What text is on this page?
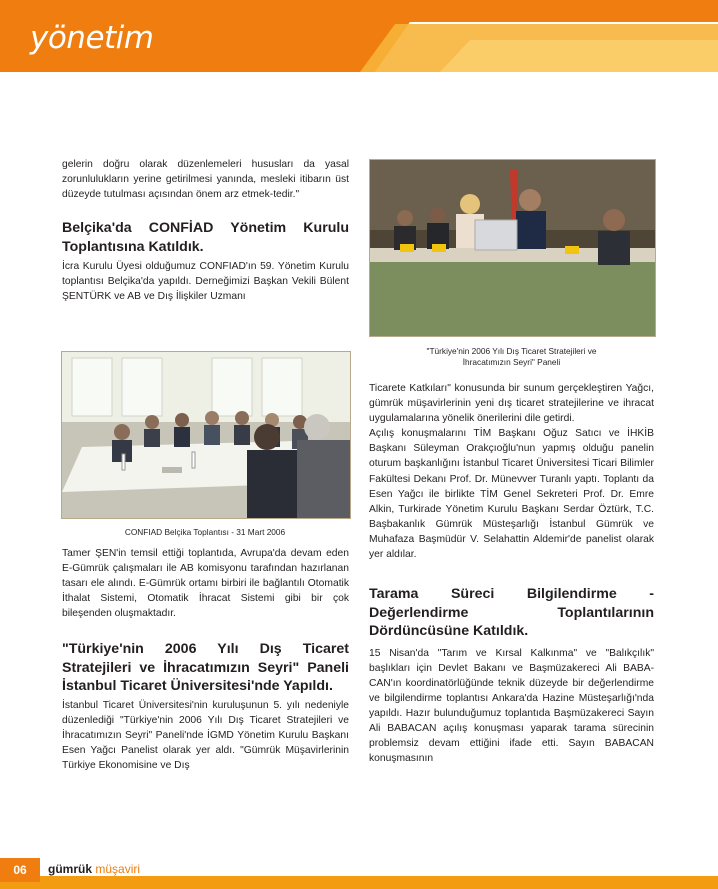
yönetim

gelerin doğru olarak düzenlemeleri hususları da yasal zorunlulukların yerine getirilmesi yanında, mesleki itibarın üst düzeyde tutulması açısından önem arz etmek-tedir."

Belçika'da CONFİAD Yönetim Kurulu Toplantısına Katıldık.

İcra Kurulu Üyesi olduğumuz CONFIAD'ın 59. Yönetim Kurulu toplantısı Belçika'da yapıldı. Derneğimizi Başkan Vekili Bülent ŞENTÜRK ve AB ve Dış İlişkiler Uzmanı

CONFIAD Belçika Toplantısı - 31 Mart 2006

Tamer ŞEN'in temsil ettiği toplantıda, Avrupa'da devam eden E-Gümrük çalışmaları ile AB komisyonu tarafından hazırlanan tasarı ele alındı. E-Gümrük ortamı birbiri ile bağlantılı Otomatik İthalat Sistemi, Otomatik İhracat Sistemi gibi bir çok bileşenden oluşmaktadır.

"Türkiye'nin 2006 Yılı Dış Ticaret Stratejileri ve İhracatımızın Seyri" Paneli İstanbul Ticaret Üniversitesi'nde Yapıldı.

İstanbul Ticaret Üniversitesi'nin kuruluşunun 5. yılı nedeniyle düzenlediği "Türkiye'nin 2006 Yılı Dış Ticaret Stratejileri ve İhracatımızın Seyri" Paneli'nde İGMD Yönetim Kurulu Başkanı Esen Yağcı Panelist olarak yer aldı. "Gümrük Müşavirlerinin Türkiye Ekonomisine ve Dış

"Türkiye'nin 2006 Yılı Dış Ticaret Stratejileri ve
İhracatımızın Seyri" Paneli

Ticarete Katkıları" konusunda bir sunum gerçekleştiren Yağcı, gümrük müşavirlerinin yeni dış ticaret stratejilerine ve ihracat uygulamalarına yönelik önerilerini dile getirdi.

Açılış konuşmalarını TİM Başkanı Oğuz Satıcı ve İHKİB Başkanı Süleyman Orakçıoğlu'nun yapmış olduğu panelin oturum başkanlığını İstanbul Ticaret Üniversitesi Ticari Bilimler Fakültesi Dekanı Prof. Dr. Münevver Turanlı yaptı. Toplantı da Esen Yağcı ile birlikte TİM Genel Sekreteri Prof. Dr. Emre Alkin, Turkirade Yönetim Kurulu Başkanı Serdar Öztürk, T.C. Başbakanlık Gümrük Müsteşarlığı İstanbul Gümrük ve Muhafaza Başmüdür V. Selahattin Aldemir'de panelist olarak yer aldılar.

Tarama Süreci Bilgilendirme - Değerlendirme Toplantılarının Dördüncüsüne Katıldık.

15 Nisan'da "Tarım ve Kırsal Kalkınma" ve "Balıkçılık" başlıkları için Devlet Bakanı ve Başmüzakereci Ali BABA-CAN'ın koordinatörlüğünde teknik düzeyde bir değerlendirme ve bilgilendirme toplantısı Ankara'da Hazine Müsteşarlığı'nda yapıldı. Hazır bulunduğumuz toplantıda Başmüzakereci Sayın Ali BABACAN açılış konuşması yaparak tarama sürecinin problemsiz devam ettiğini ifade etti. Sayın BABACAN konuşmasının

06	gümrük müşaviri
